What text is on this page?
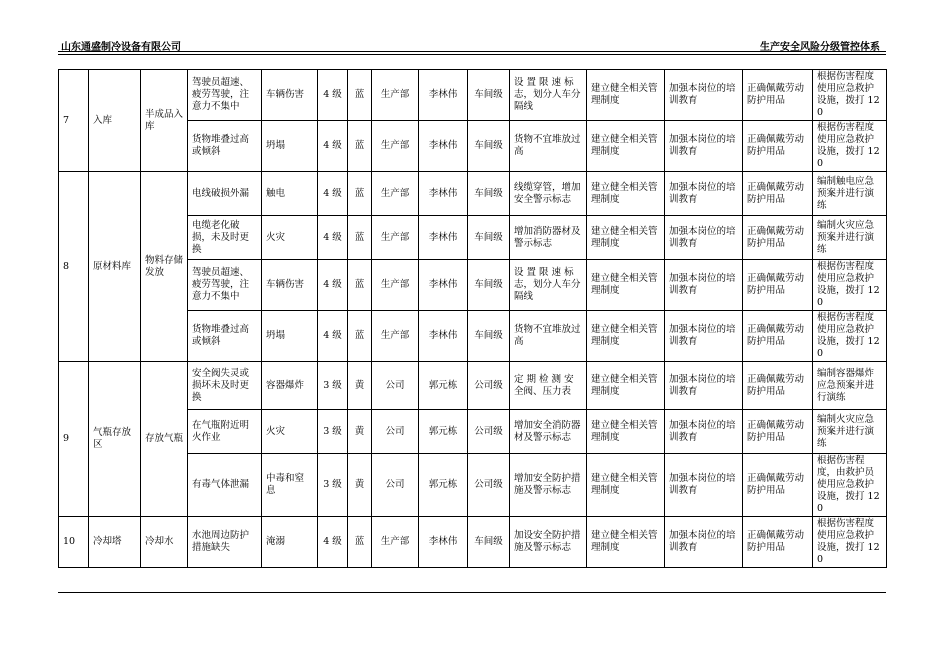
山东通盛制冷设备有限公司	生产安全风险分级管控体系
7	入库	半成品入库	驾驶员超速、疲劳驾驶，注意力不集中	车辆伤害	4 级	蓝	生产部	李林伟	车间级	设 置 限 速 标志，划分人车分隔线	建立健全相关管理制度	加强本岗位的培训教育	正确佩戴劳动防护用品	根据伤害程度使用应急救护设施，拨打 120
			货物堆叠过高或倾斜	坍塌	4 级	蓝	生产部	李林伟	车间级	货物不宜堆放过高	建立健全相关管理制度	加强本岗位的培训教育	正确佩戴劳动防护用品	根据伤害程度使用应急救护设施，拨打 120
8	原材料库	物料存储发放	电线破损外漏	触电	4 级	蓝	生产部	李林伟	车间级	线缆穿管，增加安全警示标志	建立健全相关管理制度	加强本岗位的培训教育	正确佩戴劳动防护用品	编制触电应急预案并进行演练
			电缆老化破损，未及时更换	火灾	4 级	蓝	生产部	李林伟	车间级	增加消防器材及警示标志	建立健全相关管理制度	加强本岗位的培训教育	正确佩戴劳动防护用品	编制火灾应急预案并进行演练
			驾驶员超速、疲劳驾驶，注意力不集中	车辆伤害	4 级	蓝	生产部	李林伟	车间级	设 置 限 速 标志，划分人车分隔线	建立健全相关管理制度	加强本岗位的培训教育	正确佩戴劳动防护用品	根据伤害程度使用应急救护设施，拨打 120
			货物堆叠过高或倾斜	坍塌	4 级	蓝	生产部	李林伟	车间级	货物不宜堆放过高	建立健全相关管理制度	加强本岗位的培训教育	正确佩戴劳动防护用品	根据伤害程度使用应急救护设施，拨打 120
9	气瓶存放区	存放气瓶	安全阀失灵或损坏未及时更换	容器爆炸	3 级	黄	公司	郭元栋	公司级	定 期 检 测 安 全阀、压力表	建立健全相关管理制度	加强本岗位的培训教育	正确佩戴劳动防护用品	编制容器爆炸应急预案并进行演练
			在气瓶附近明火作业	火灾	3 级	黄	公司	郭元栋	公司级	增加安全消防器材及警示标志	建立健全相关管理制度	加强本岗位的培训教育	正确佩戴劳动防护用品	编制火灾应急预案并进行演练
			有毒气体泄漏	中毒和窒息	3 级	黄	公司	郭元栋	公司级	增加安全防护措施及警示标志	建立健全相关管理制度	加强本岗位的培训教育	正确佩戴劳动防护用品	根据伤害程度，由救护员使用应急救护设施，拨打 120
10	冷却塔	冷却水	水池周边防护措施缺失	淹溺	4 级	蓝	生产部	李林伟	车间级	加设安全防护措施及警示标志	建立健全相关管理制度	加强本岗位的培训教育	正确佩戴劳动防护用品	根据伤害程度使用应急救护设施，拨打 120
